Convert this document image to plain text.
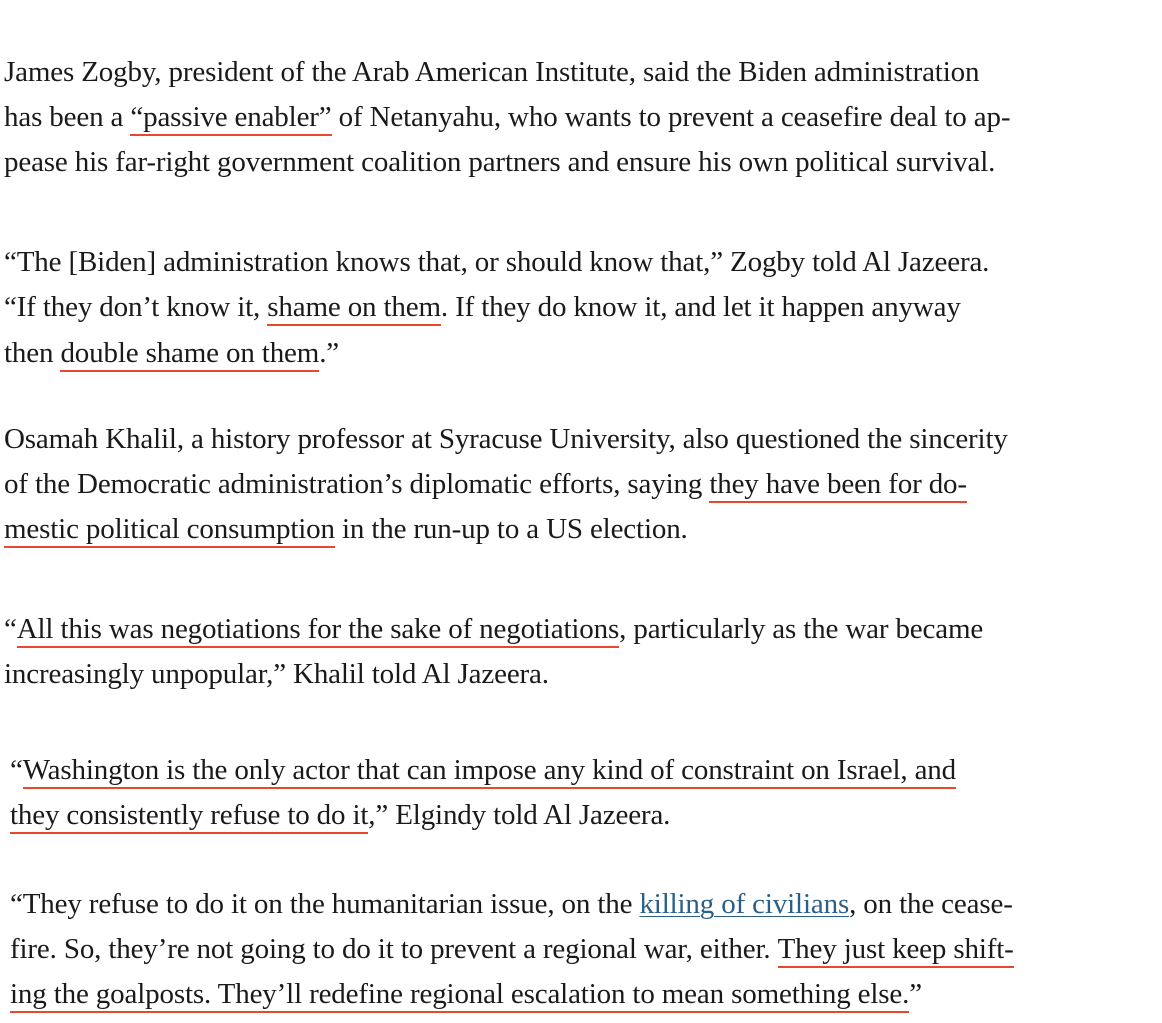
James Zogby, president of the Arab American Institute, said the Biden administration
has been a “passive enabler” of Netanyahu, who wants to prevent a ceasefire deal to ap-
pease his far-right government coalition partners and ensure his own political survival.
“The [Biden] administration knows that, or should know that,” Zogby told Al Jazeera.
“If they don’t know it, shame on them. If they do know it, and let it happen anyway
then double shame on them.”
Osamah Khalil, a history professor at Syracuse University, also questioned the sincerity
of the Democratic administration’s diplomatic efforts, saying they have been for do-
mestic political consumption in the run-up to a US election.
“All this was negotiations for the sake of negotiations, particularly as the war became
increasingly unpopular,” Khalil told Al Jazeera.
“Washington is the only actor that can impose any kind of constraint on Israel, and
they consistently refuse to do it,” Elgindy told Al Jazeera.
“They refuse to do it on the humanitarian issue, on the killing of civilians, on the cease-
fire. So, they’re not going to do it to prevent a regional war, either. They just keep shift-
ing the goalposts. They’ll redefine regional escalation to mean something else.”
